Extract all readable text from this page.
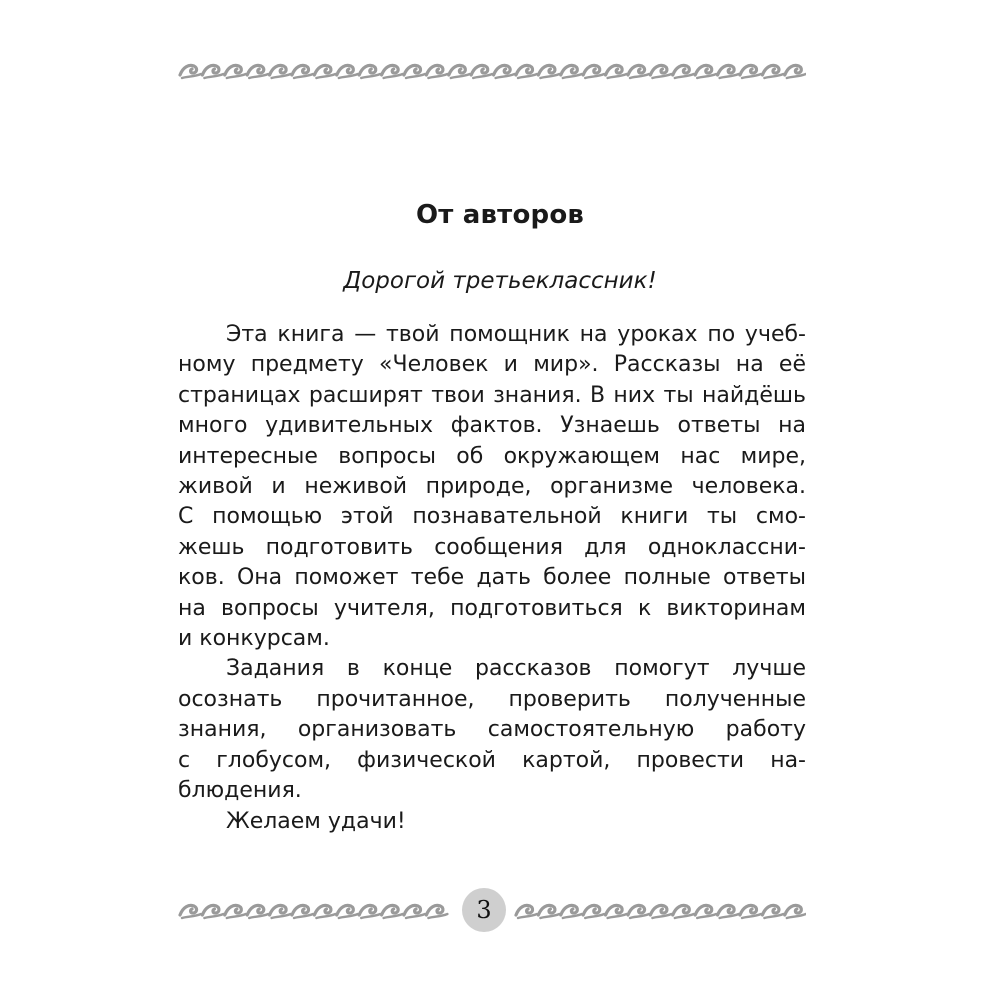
От авторов

Дорогой третьеклассник!

Эта книга — твой помощник на уроках по учеб-
ному предмету «Человек и мир». Рассказы на её
страницах расширят твои знания. В них ты найдёшь
много удивительных фактов. Узнаешь ответы на
интересные вопросы об окружающем нас мире,
живой и неживой природе, организме человека.
С помощью этой познавательной книги ты смо-
жешь подготовить сообщения для одноклассни-
ков. Она поможет тебе дать более полные ответы
на вопросы учителя, подготовиться к викторинам
и конкурсам.
Задания в конце рассказов помогут лучше
осознать прочитанное, проверить полученные
знания, организовать самостоятельную работу
с глобусом, физической картой, провести на-
блюдения.
Желаем удачи!
3
